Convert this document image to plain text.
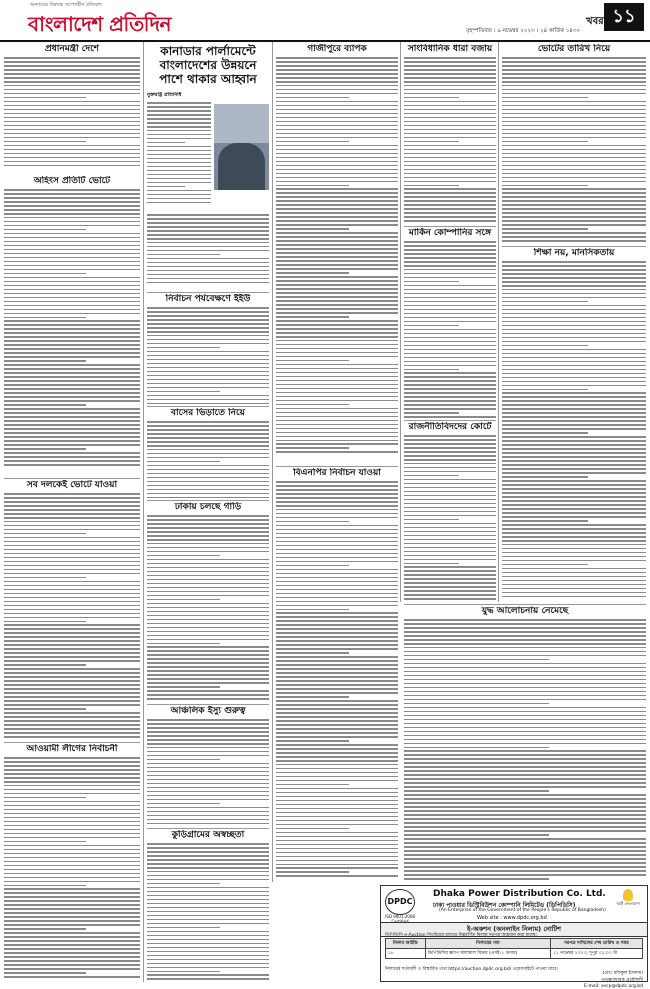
অন্যায়ের বিরুদ্ধে আপসহীন প্রতিবাদ
বাংলাদেশ প্রতিদিন	বৃহস্পতিবার । ৯ নভেম্বর ২০২৩ । ২৪ কার্তিক ১৪৩০
খবর ১১
প্রধানমন্ত্রী দেশে
অহিংস প্রতিটি ভোটে
সব দলকেই ভোটে যাওয়া
আওয়ামী লীগের নির্বাচনী
কানাডার পার্লামেন্টে বাংলাদেশের উন্নয়নে পাশে থাকার আহ্বান
যুক্তরাষ্ট্র প্রতিনিধি
নির্বাচন পর্যবেক্ষণে ইইউ
বাসের ভিড়াতে নিয়ে
ঢাকায় চলছে গাড়ি
আঞ্চলিক ইস্যু গুরুত্ব
কুড়িগ্রামের অস্বচ্ছতা
গাজীপুরে ব্যাপক
বিএনপির নির্বাচন যাওয়া
সাংবিধানিক ধারা বজায়
মার্কিন কোম্পানির সঙ্গে
রাজনীতিবিদদের কোর্টে
ভোটের তারিখ নিয়ে
শিক্ষা নয়, মানসিকতায়
যুদ্ধ আলোচনায় নেমেছে
DPDC
ISO 9001:2008
Dhaka Power Distribution Co. Ltd.
ঢাকা পাওয়ার ডিস্ট্রিবিউশন কোম্পানি লিমিটেড (ডিপিডিসি)
(An Enterprise of the Government of the People's Republic of Bangladesh)
Web site : www.dpdc.org.bd
স্মার্ট বাংলাদেশ
ই-অকশন (অনলাইন নিলাম) নোটিশ
ডিপিডিসি e-Auction সিস্টেমের মাধ্যমে নিম্নবর্ণিত নিলাম দরপত্র আহবান করা যাচ্ছে:
নিলাম আইডি	নিলামের নাম	দরপত্র দাখিলের শেষ তারিখ ও সময়
১৮	ডিপিডিসির স্ক্র্যাপ মালামাল বিক্রয় (এসই-১ গুদাম)	২১ নভেম্বর ২০২৩, দুপুর ০২:০০ টা
নিলামের শর্তাবলী ও বিস্তারিত তথ্য https://auction.dpdc.org.bd/ ওয়েবসাইটে পাওয়া যাবে।
(মোঃ রফিকুল ইসলাম)
তত্ত্বাবধায়ক প্রকৌশলী
E-mail: secp@dpdc.org.bd
